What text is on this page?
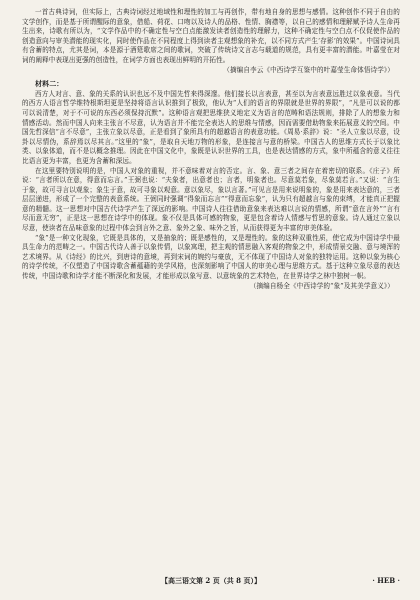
一首古典诗词，但实际上，古典诗词经过地域性和理性的加工与再创作，带有地自身的思想与感情。这种创作不同于自由的文学创作，而是基于所谓醒际的意象，借船、荷花、口吻以及诗人的品格、性情、胸襟等，以自己的感情和理解赋予诗人生命再生出来，诗歌有所以为，“文学作品中的不确定性与空白点能激发读者创造性的理解力，这种不确定性与空白点不仅促使作品的创造意向与审美潜能的现实化，同时使作品在不同程度上得到读者主观想象的补充，以不同方式产生‘存影’的效果”。中国诗词具有含蓄的特点，尤其是词，本是源于酒筵歌席之间的歌词，突破了传统诗文言志与载道的规范，具有更丰富的潜能。叶嘉莹在对词的阐释中表现出更强的创造性，在词学方面也表现出鲜明的开拓性。

（摘编自李云《中西诗学互鉴中的叶嘉莹生命体悟诗学》）

材料二：

西方人对言、意、象的关系的认识也远不及中国先哲来得深邃。他们接长以言表意，甚至以为言表意远胜过以象表意。当代的西方人语言哲学维特根斯坦更是坚持将语言认识推到了极致，他认为“人们的语言的界限就是世界的界限”，“凡是可以说的都可以说清楚，对于不可说的东西必须保持沉默”。这种语言观把思维狭义地定义为语言的范畴和语法规则，排除了人的想象力和情感活动。然而中国人向来主张言不尽意，认为语言并不能完全表达人的思维与情感，因而需要借助物象来拓展意义的空间。中国先哲深信“言不尽意”，主张立象以尽意，正是看到了象所具有的超越语言的表意功能。《周易·系辞》说：“圣人立象以尽意，设卦以尽情伪，系辞焉以尽其言。”这里的“象”，是取自天地万物的形象，是连接言与意的桥梁。中国古人的思维方式长于以象比类、以象体道，而不是以概念推理。因此在中国文化中，象既是认识世界的工具，也是表达情感的方式，象中所蕴含的意义往往比语言更为丰富，也更为含蓄和深远。

在这里要特别说明的是，中国人对象的重视，并不意味着对言的否定。言、象、意三者之间存在着密切的联系。《庄子》所说：“言者所以在意，得意而忘言。”王弼也说：“夫象者，出意者也；言者，明象者也。尽意莫若象，尽象莫若言。”又说：“言生于象，故可寻言以观象；象生于意，故可寻象以观意。意以象尽，象以言著。”可见言是用来说明象的，象是用来表达意的，三者层层递进，形成了一个完整的表意系统。王弼同时强调“得象而忘言”“得意而忘象”，认为只有超越言与象的束缚，才能真正把握意的精髓。这一思想对中国古代诗学产生了深远的影响。中国诗人往往借助意象来表达难以言说的情感，所谓“意在言外”“言有尽而意无穷”，正是这一思想在诗学中的体现。象不仅是具体可感的物象，更是包含着诗人情感与哲思的意象。诗人通过立象以尽意，使读者在品味意象的过程中体会到言外之意、象外之象、味外之旨，从而获得更为丰富的审美体验。

“象”是一种文化现象，它既是具体的，又是抽象的；既是感性的，又是理性的。象的这种双重性质，使它成为中国诗学中最具生命力的范畴之一。中国古代诗人善于以象传情，以象寓理，把主观的情思融入客观的物象之中，形成情景交融、意与境浑的艺术境界。从《诗经》的比兴，到唐诗的意境，再到宋词的婉约与豪放，无不体现了中国诗人对象的独特运用。这种以象为核心的诗学传统，不仅塑造了中国诗歌含蓄蕴藉的美学风格，也深刻影响了中国人的审美心理与思维方式。基于这种立象尽意的表达传统，中国诗歌和诗学才能不断深化和发展，才能形成以象写意、以意统象的艺术特色，在世界诗学之林中独树一帜。

（摘编自杨全《中西诗学的“象”及其美学意义》）

【高三语文第 2 页（共 8 页）】	· HEB ·
